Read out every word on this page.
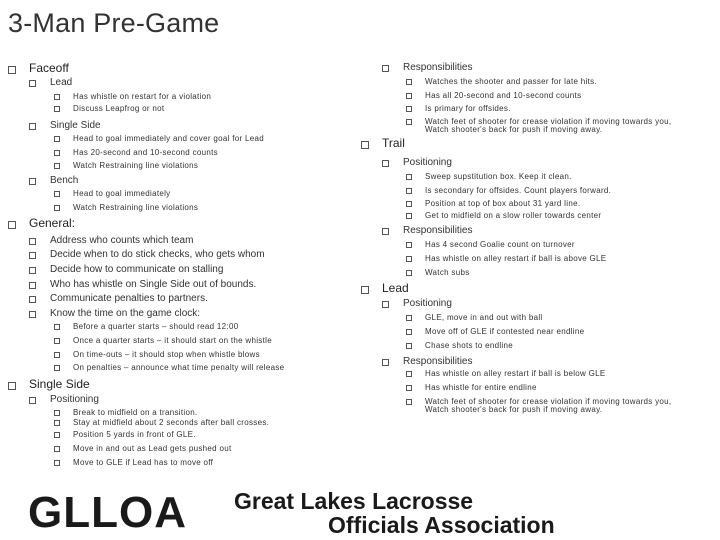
3-Man Pre-Game
Faceoff
Lead
Has whistle on restart for a violation
Discuss Leapfrog or not
Single Side
Head to goal immediately and cover goal for Lead
Has 20-second and 10-second counts
Watch Restraining line violations
Bench
Head to goal immediately
Watch Restraining line violations
General:
Address who counts which team
Decide when to do stick checks, who gets whom
Decide how to communicate on stalling
Who has whistle on Single Side out of bounds.
Communicate penalties to partners.
Know the time on the game clock:
Before a quarter starts – should read 12:00
Once a quarter starts – it should start on the whistle
On time-outs – it should stop when whistle blows
On penalties – announce what time penalty will release
Single Side
Positioning
Break to midfield on a transition.
Stay at midfield about 2 seconds after ball crosses.
Position 5 yards in front of GLE.
Move in and out as Lead gets pushed out
Move to GLE if Lead has to move off
Responsibilities
Watches the shooter and passer for late hits.
Has all 20-second and 10-second counts
Is primary for offsides.
Watch feet of shooter for crease violation if moving towards you,
Watch shooter's back for push if moving away.
Trail
Positioning
Sweep supstitution box. Keep it clean.
Is secondary for offsides. Count players forward.
Position at top of box about 31 yard line.
Get to midfield on a slow roller towards center
Responsibilities
Has 4 second Goalie count on turnover
Has whistle on alley restart if ball is above GLE
Watch subs
Lead
Positioning
GLE, move in and out with ball
Move off of GLE if contested near endline
Chase shots to endline
Responsibilities
Has whistle on alley restart if ball is below GLE
Has whistle for entire endline
Watch feet of shooter for crease violation if moving towards you,
Watch shooter's back for push if moving away.
GLLOA Great Lakes Lacrosse
Officials Association
